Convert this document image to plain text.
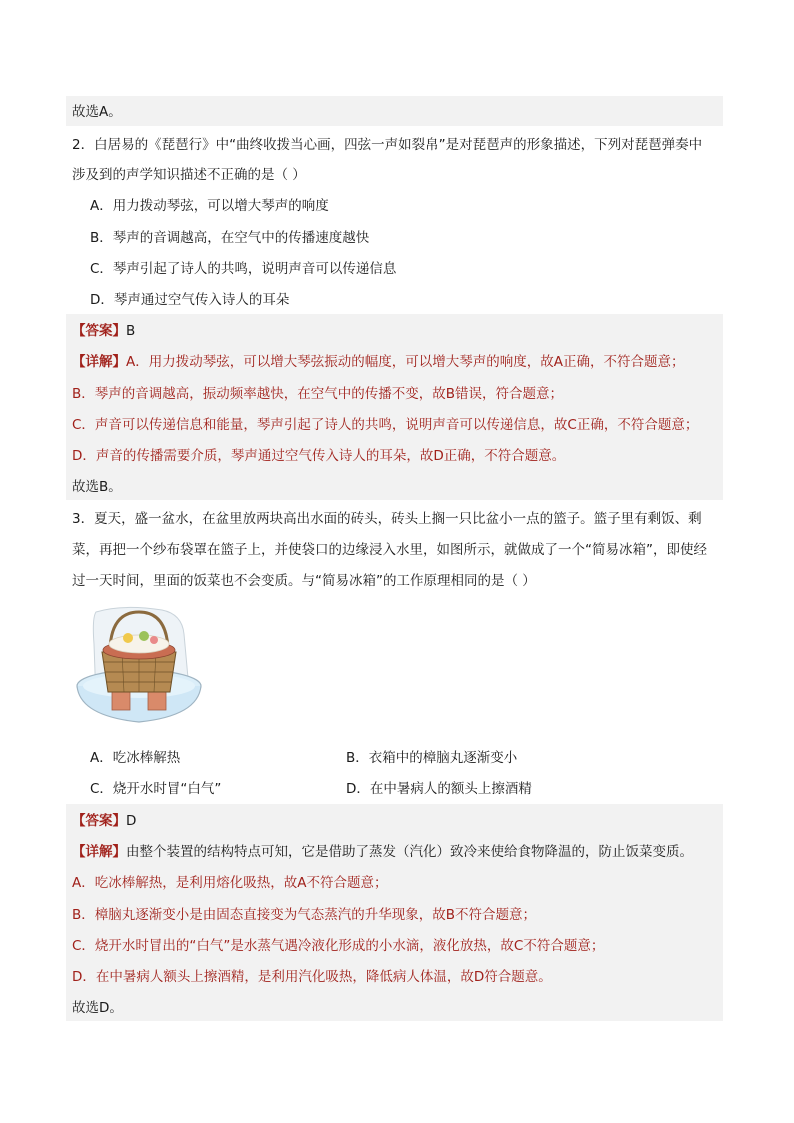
故选A。
2．白居易的《琵琶行》中“曲终收拨当心画，四弦一声如裂帛”是对琵琶声的形象描述，下列对琵琶弹奏中
涉及到的声学知识描述不正确的是（ ）
A．用力拨动琴弦，可以增大琴声的响度
B．琴声的音调越高，在空气中的传播速度越快
C．琴声引起了诗人的共鸣，说明声音可以传递信息
D．琴声通过空气传入诗人的耳朵
【答案】B
【详解】A．用力拨动琴弦，可以增大琴弦振动的幅度，可以增大琴声的响度，故A正确，不符合题意；
B．琴声的音调越高，振动频率越快，在空气中的传播不变，故B错误，符合题意；
C．声音可以传递信息和能量，琴声引起了诗人的共鸣，说明声音可以传递信息，故C正确，不符合题意；
D．声音的传播需要介质，琴声通过空气传入诗人的耳朵，故D正确，不符合题意。
故选B。
3．夏天，盛一盆水，在盆里放两块高出水面的砖头，砖头上搁一只比盆小一点的篮子。篮子里有剩饭、剩
菜，再把一个纱布袋罩在篮子上，并使袋口的边缘浸入水里，如图所示，就做成了一个“简易冰箱”，即使经
过一天时间，里面的饭菜也不会变质。与“简易冰箱”的工作原理相同的是（ ）
A．吃冰棒解热	B．衣箱中的樟脑丸逐渐变小
C．烧开水时冒“白气”	D．在中暑病人的额头上擦酒精
【答案】D
【详解】由整个装置的结构特点可知，它是借助了蒸发（汽化）致冷来使给食物降温的，防止饭菜变质。
A．吃冰棒解热，是利用熔化吸热，故A不符合题意；
B．樟脑丸逐渐变小是由固态直接变为气态蒸汽的升华现象，故B不符合题意；
C．烧开水时冒出的“白气”是水蒸气遇冷液化形成的小水滴，液化放热，故C不符合题意；
D．在中暑病人额头上擦酒精，是利用汽化吸热，降低病人体温，故D符合题意。
故选D。
